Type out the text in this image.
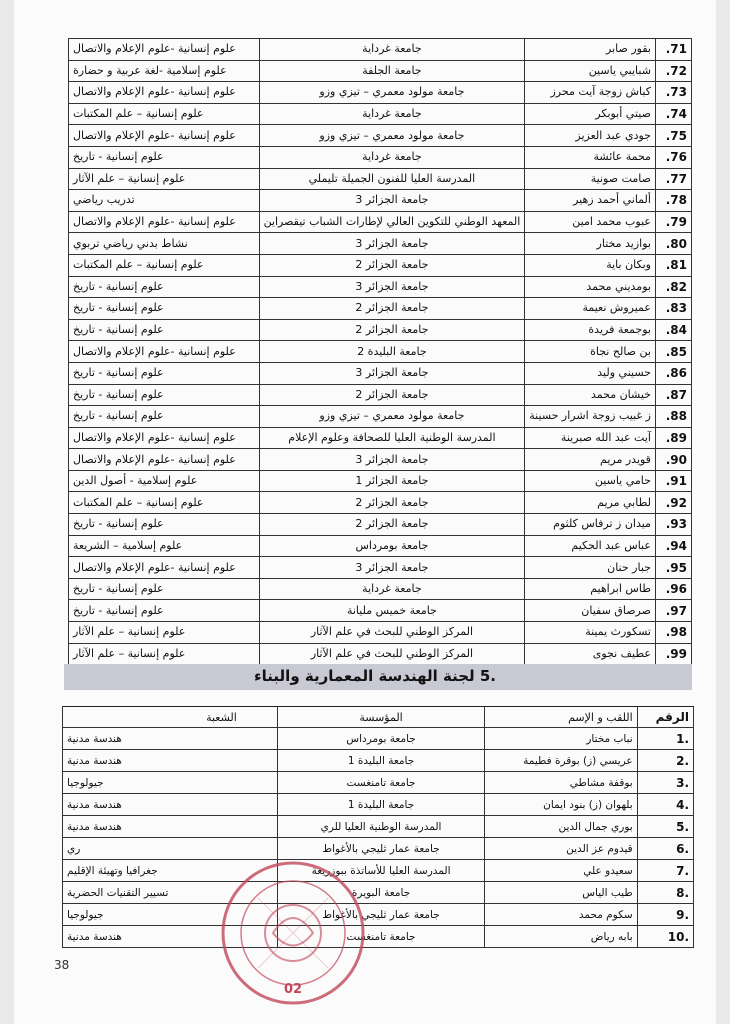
71.	بقور صابر	جامعة غرداية	علوم إنسانية -علوم الإعلام والاتصال
72.	شبايبي ياسين	جامعة الجلفة	علوم إسلامية -لغة عربية و حضارة
73.	كباش زوجة آيت محرز	جامعة مولود معمري – تيزي وزو	علوم إنسانية -علوم الإعلام والاتصال
74.	صيتي أبوبكر	جامعة غرداية	علوم إنسانية – علم المكتبات
75.	جودي عبد العزيز	جامعة مولود معمري – تيزي وزو	علوم إنسانية -علوم الإعلام والاتصال
76.	محمة عائشة	جامعة غرداية	علوم إنسانية - تاريخ
77.	صامت صونية	المدرسة العليا للفنون الجميلة تليملي	علوم إنسانية – علم الآثار
78.	ألماني أحمد زهير	جامعة الجزائر 3	تدريب رياضي
79.	عبوب محمد امين	المعهد الوطني للتكوين العالي لإطارات الشباب تيقصراين	علوم إنسانية -علوم الإعلام والاتصال
80.	بوازيد مختار	جامعة الجزائر 3	نشاط بدني رياضي تربوي
81.	وبكان باية	جامعة الجزائر 2	علوم إنسانية – علم المكتبات
82.	بومديني محمد	جامعة الجزائر 3	علوم إنسانية - تاريخ
83.	عميروش نعيمة	جامعة الجزائر 2	علوم إنسانية - تاريخ
84.	بوجمعة فريدة	جامعة الجزائر 2	علوم إنسانية - تاريخ
85.	بن صالح نجاة	جامعة البليدة 2	علوم إنسانية -علوم الإعلام والاتصال
86.	حسيني وليد	جامعة الجزائر 3	علوم إنسانية - تاريخ
87.	خيشان محمد	جامعة الجزائر 2	علوم إنسانية - تاريخ
88.	ز غبيب زوجة اشرار حسينة	جامعة مولود معمري – تيزي وزو	علوم إنسانية - تاريخ
89.	آيت عبد الله صبرينة	المدرسة الوطنية العليا للصحافة وعلوم الإعلام	علوم إنسانية -علوم الإعلام والاتصال
90.	قويدر مريم	جامعة الجزائر 3	علوم إنسانية -علوم الإعلام والاتصال
91.	حامي ياسين	جامعة الجزائر 1	علوم إسلامية - أصول الدين
92.	لطابي مريم	جامعة الجزائر 2	علوم إنسانية – علم المكتبات
93.	ميدان ز ترفاس كلثوم	جامعة الجزائر 2	علوم إنسانية - تاريخ
94.	عباس عبد الحكيم	جامعة بومرداس	علوم إسلامية – الشريعة
95.	جبار حنان	جامعة الجزائر 3	علوم إنسانية -علوم الإعلام والاتصال
96.	طاس ابراهيم	جامعة غرداية	علوم إنسانية - تاريخ
97.	صرصاق سفيان	جامعة خميس مليانة	علوم إنسانية - تاريخ
98.	تسكورث يمينة	المركز الوطني للبحث في علم الآثار	علوم إنسانية – علم الآثار
99.	عطيف نجوى	المركز الوطني للبحث في علم الآثار	علوم إنسانية – علم الآثار
.5 لجنة الهندسة المعمارية والبناء
الرقم	اللقب و الإسم	المؤسسة	الشعبة
.1	نباب مختار	جامعة بومرداس	هندسة مدنية
.2	عريسي (ز) بوقرة فطيمة	جامعة البليدة 1	هندسة مدنية
.3	بوقفة مشاطي	جامعة تامنغست	جيولوجيا
.4	بلهوان (ز) بنود ايمان	جامعة البليدة 1	هندسة مدنية
.5	بوري جمال الدين	المدرسة الوطنية العليا للري	هندسة مدنية
.6	قيدوم عز الدين	جامعة عمار ثليجي بالأغواط	ري
.7	سعيدو علي	المدرسة العليا للأساتذة ببوزريعة	جغرافيا وتهيئة الإقليم
.8	طيب الياس	جامعة البويرة	تسيير التقنيات الحضرية
.9	سكوم محمد	جامعة عمار ثليجي بالأغواط	جيولوجيا
.10	بابه رياض	جامعة تامنغست	هندسة مدنية
02
38
